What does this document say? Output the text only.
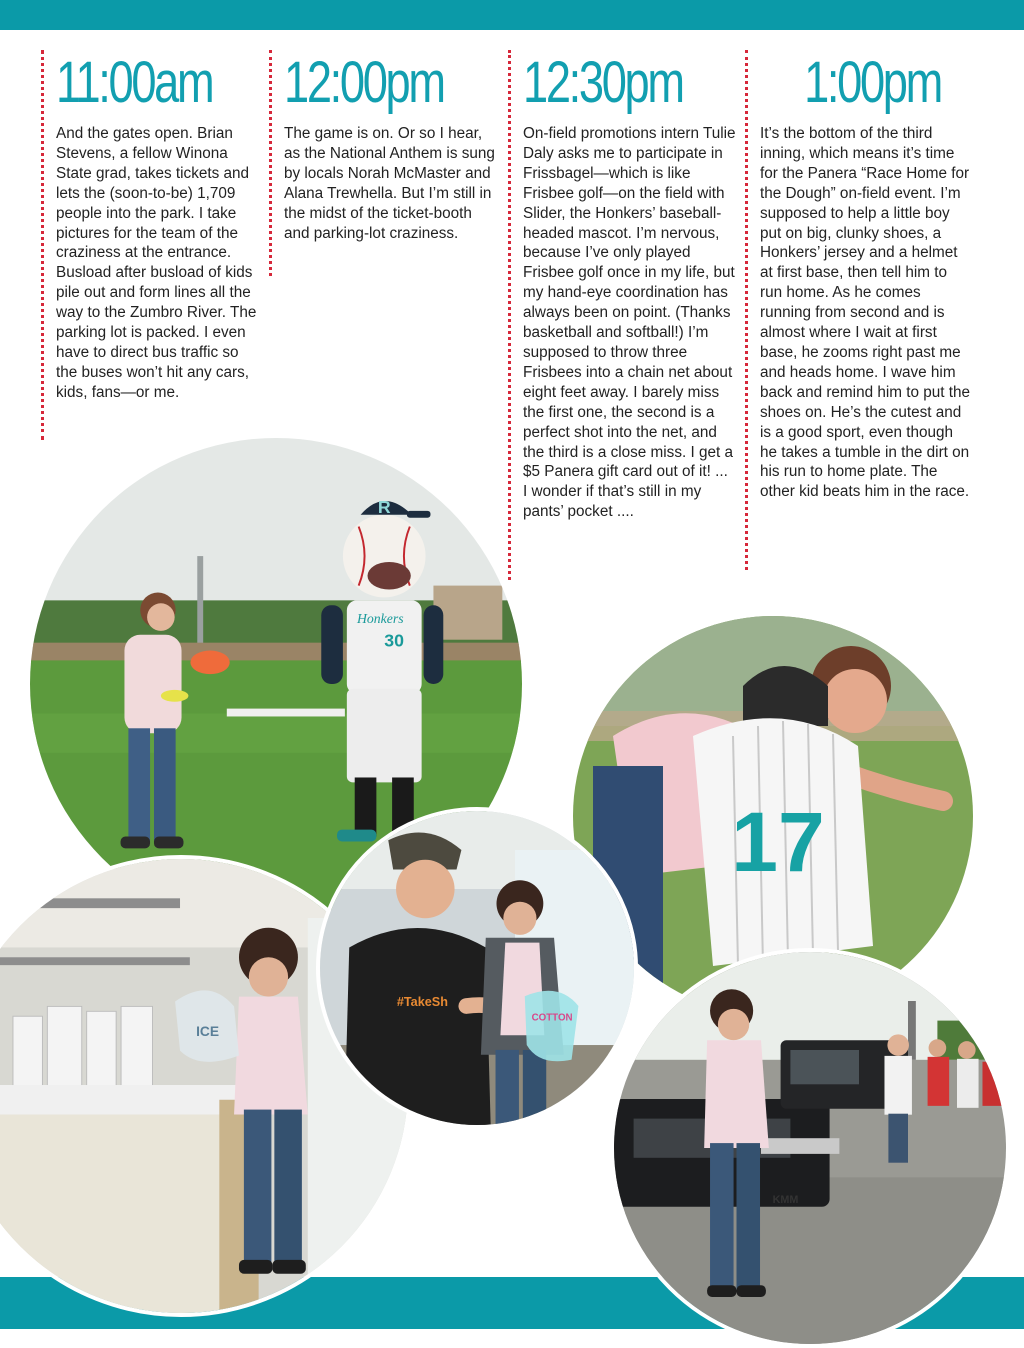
11:00am

And the gates open. Brian Stevens, a fellow Winona State grad, takes tickets and lets the (soon-to-be) 1,709 people into the park. I take pictures for the team of the craziness at the entrance. Busload after busload of kids pile out and form lines all the way to the Zumbro River. The parking lot is packed. I even have to direct bus traffic so the buses won’t hit any cars, kids, fans—or me.

12:00pm

The game is on. Or so I hear, as the National Anthem is sung by locals Norah McMaster and Alana Trewhella. But I’m still in the midst of the ticket-booth and parking-lot craziness.

12:30pm

On-field promotions intern Tulie Daly asks me to participate in Frissbagel—which is like Frisbee golf—on the field with Slider, the Honkers’ baseball-headed mascot. I’m nervous, because I’ve only played Frisbee golf once in my life, but my hand-eye coordination has always been on point. (Thanks basketball and softball!) I’m supposed to throw three Frisbees into a chain net about eight feet away. I barely miss the first one, the second is a perfect shot into the net, and the third is a close miss. I get a $5 Panera gift card out of it! ... I wonder if that’s still in my pants’ pocket ....

1:00pm

It’s the bottom of the third inning, which means it’s time for the Panera “Race Home for the Dough” on-field event. I’m supposed to help a little boy put on big, clunky shoes, a Honkers’ jersey and a helmet at first base, then tell him to run home. As he comes running from second and is almost where I wait at first base, he zooms right past me and heads home. I wave him back and remind him to put the shoes on. He’s the cutest and is a good sport, even though he takes a tumble in the dirt on his run to home plate. The other kid beats him in the race.

R
Honkers
30
17
ICE
#TakeSh
COTTON
KMM
